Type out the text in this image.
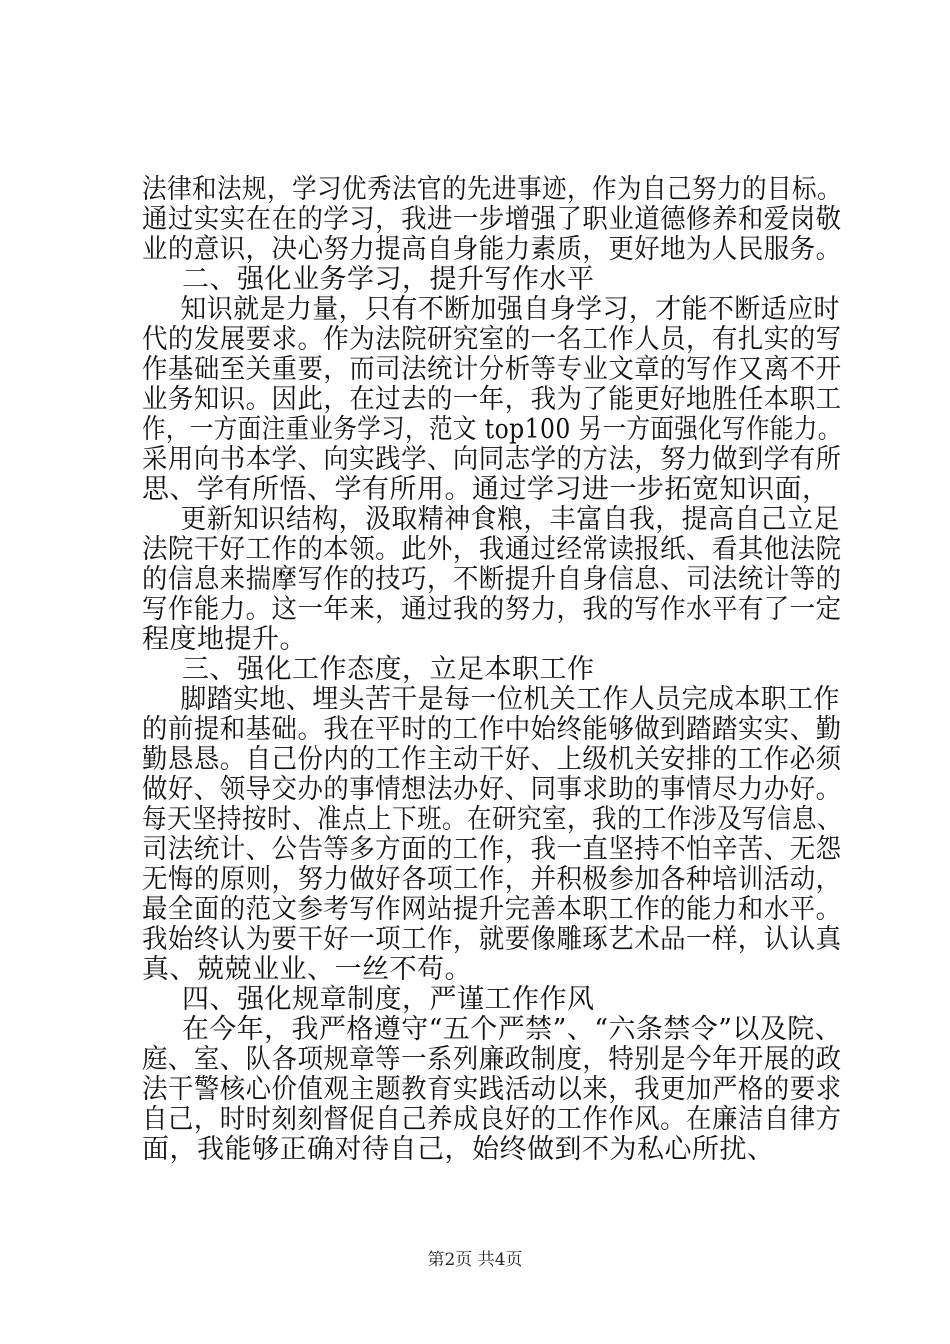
法律和法规，学习优秀法官的先进事迹，作为自己努力的目标。
通过实实在在的学习，我进一步增强了职业道德修养和爱岗敬
业的意识，决心努力提高自身能力素质，更好地为人民服务。
二、强化业务学习，提升写作水平
知识就是力量，只有不断加强自身学习，才能不断适应时
代的发展要求。作为法院研究室的一名工作人员，有扎实的写
作基础至关重要，而司法统计分析等专业文章的写作又离不开
业务知识。因此，在过去的一年，我为了能更好地胜任本职工
作，一方面注重业务学习，范文 top100 另一方面强化写作能力。
采用向书本学、向实践学、向同志学的方法，努力做到学有所
思、学有所悟、学有所用。通过学习进一步拓宽知识面，
更新知识结构，汲取精神食粮，丰富自我，提高自己立足
法院干好工作的本领。此外，我通过经常读报纸、看其他法院
的信息来揣摩写作的技巧，不断提升自身信息、司法统计等的
写作能力。这一年来，通过我的努力，我的写作水平有了一定
程度地提升。
三、强化工作态度，立足本职工作
脚踏实地、埋头苦干是每一位机关工作人员完成本职工作
的前提和基础。我在平时的工作中始终能够做到踏踏实实、勤
勤恳恳。自己份内的工作主动干好、上级机关安排的工作必须
做好、领导交办的事情想法办好、同事求助的事情尽力办好。
每天坚持按时、准点上下班。在研究室，我的工作涉及写信息、
司法统计、公告等多方面的工作，我一直坚持不怕辛苦、无怨
无悔的原则，努力做好各项工作，并积极参加各种培训活动，
最全面的范文参考写作网站提升完善本职工作的能力和水平。
我始终认为要干好一项工作，就要像雕琢艺术品一样，认认真
真、兢兢业业、一丝不苟。
四、强化规章制度，严谨工作作风
在今年，我严格遵守“五个严禁”、“六条禁令”以及院、
庭、室、队各项规章等一系列廉政制度，特别是今年开展的政
法干警核心价值观主题教育实践活动以来，我更加严格的要求
自己，时时刻刻督促自己养成良好的工作作风。在廉洁自律方
面，我能够正确对待自己，始终做到不为私心所扰、
第2页 共4页
